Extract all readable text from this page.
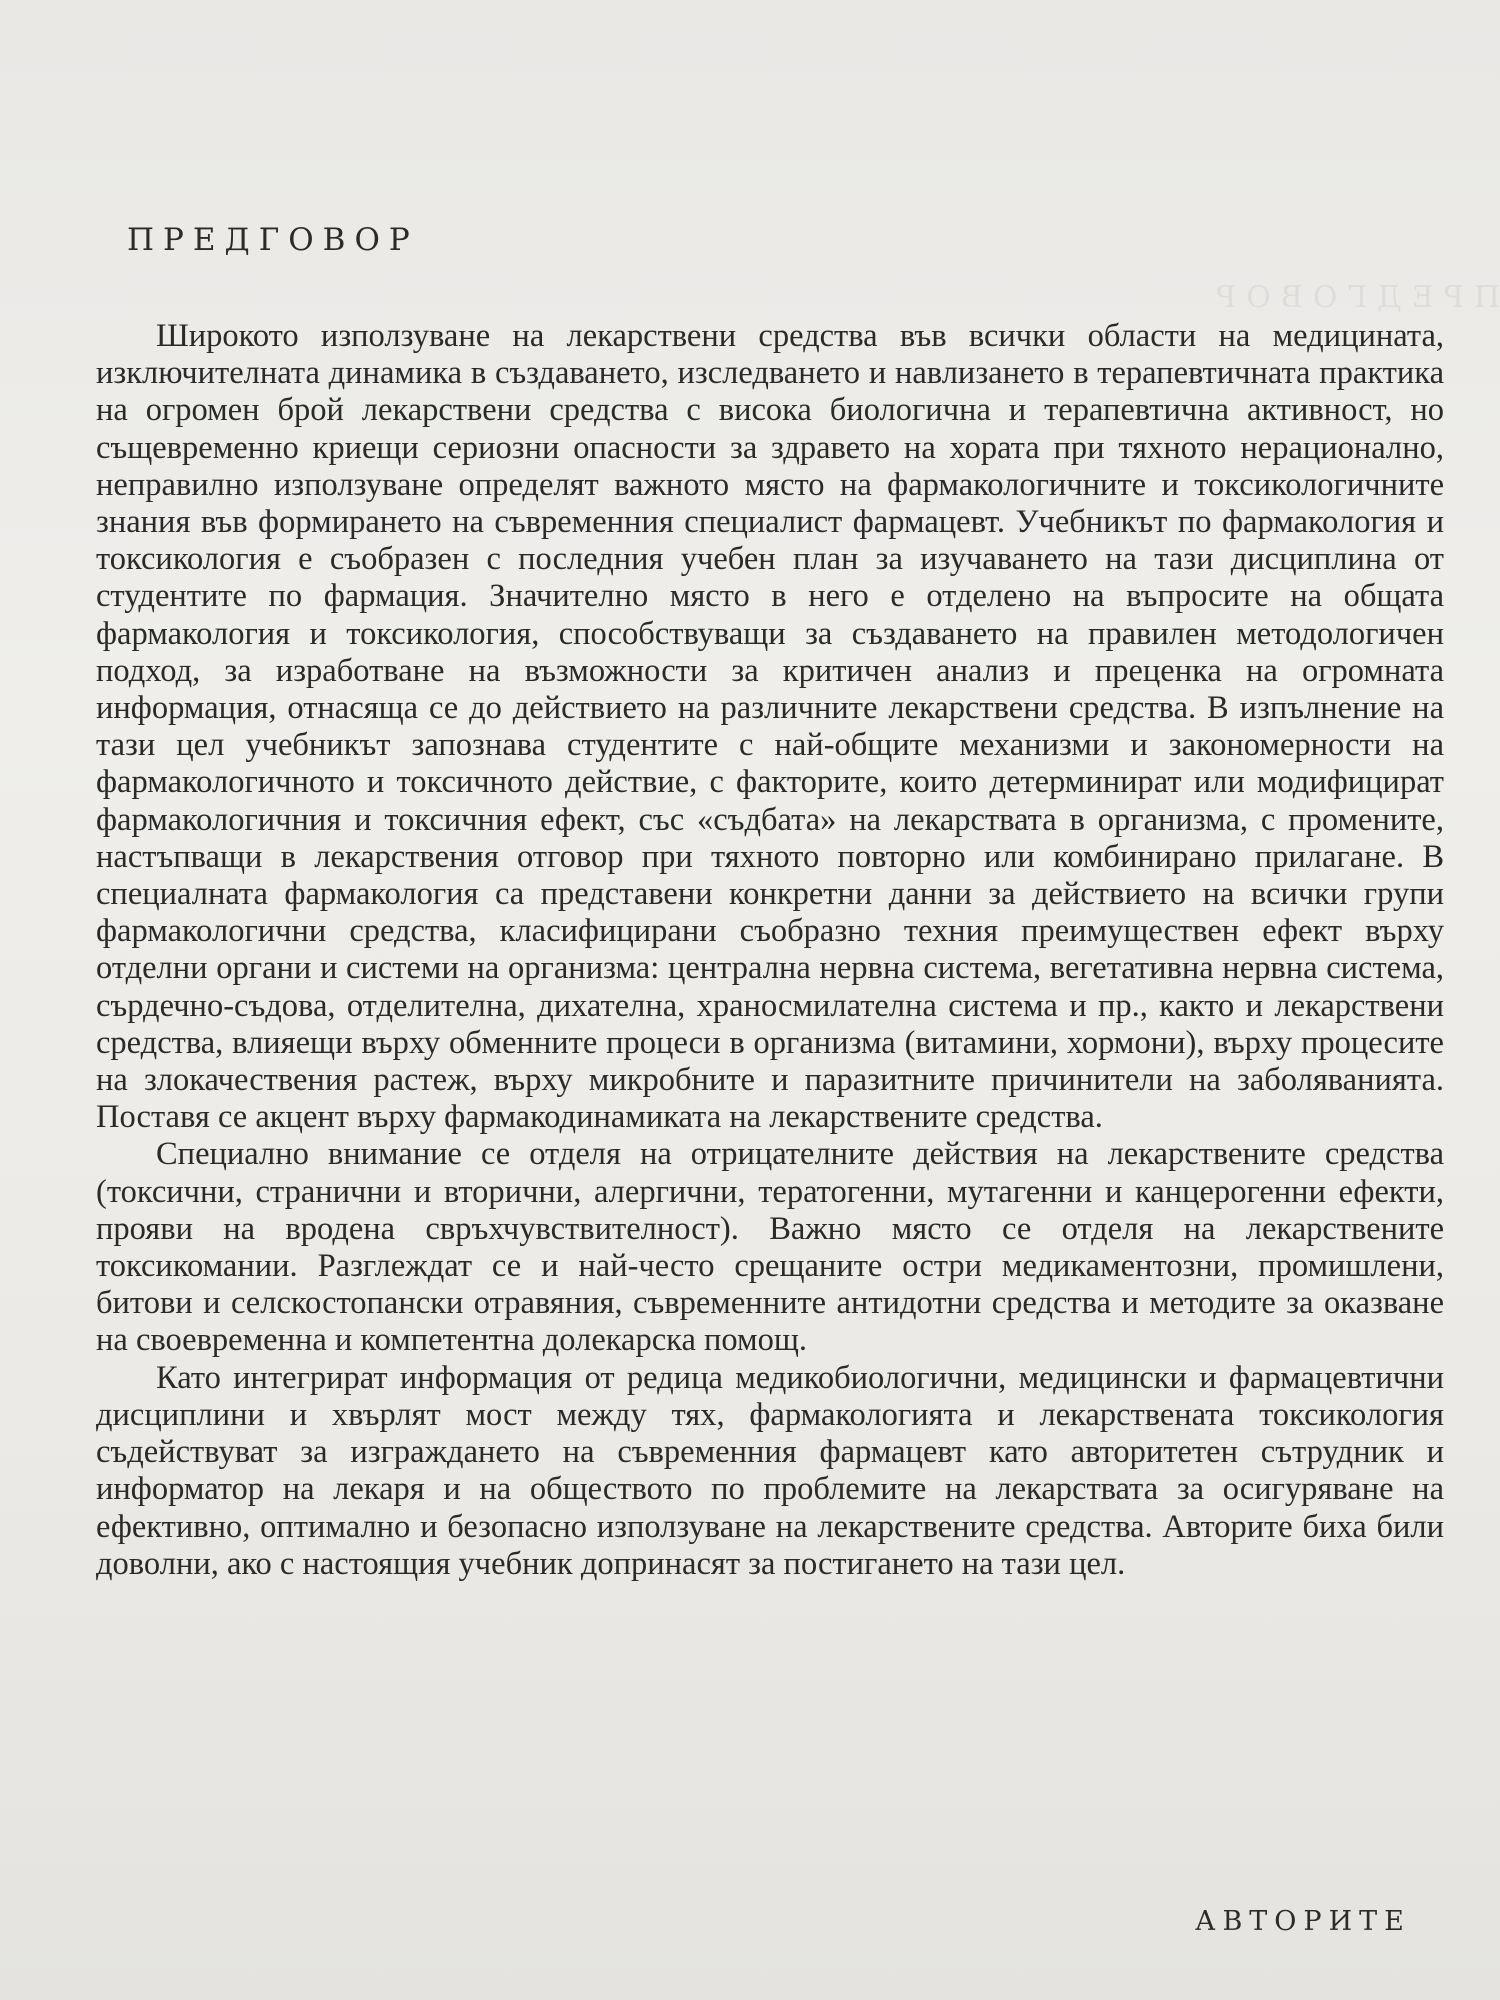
ПРЕДГОВОР
ПРЕДГОВОР

Широкото използуване на лекарствени средства във всички области на медицината, изключителната динамика в създаването, изследването и навлизането в терапевтичната практика на огромен брой лекарствени средства с висока биологична и терапевтична активност, но същевременно криещи сериозни опасности за здравето на хората при тяхното нерационално, неправилно използуване определят важното място на фармакологичните и токсикологичните знания във формирането на съвременния специалист фармацевт. Учебникът по фармакология и токсикология е съобразен с последния учебен план за изучаването на тази дисциплина от студентите по фармация. Значително място в него е отделено на въпросите на общата фармакология и токсикология, способствуващи за създаването на правилен методологичен подход, за изработване на възможности за критичен анализ и преценка на огромната информация, отнасяща се до действието на различните лекарствени средства. В изпълнение на тази цел учебникът запознава студентите с най-общите механизми и закономерности на фармакологичното и токсичното действие, с факторите, които детерминират или модифицират фармакологичния и токсичния ефект, със «съдбата» на лекарствата в организма, с промените, настъпващи в лекарствения отговор при тяхното повторно или комбинирано прилагане. В специалната фармакология са представени конкретни данни за действието на всички групи фармакологични средства, класифицирани съобразно техния преимуществен ефект върху отделни органи и системи на организма: централна нервна система, вегетативна нервна система, сърдечно-съдова, отделителна, дихателна, храносмилателна система и пр., както и лекарствени средства, влияещи върху обменните процеси в организма (витамини, хормони), върху процесите на злокачествения растеж, върху микробните и паразитните причинители на заболяванията. Поставя се акцент върху фармакодинамиката на лекарствените средства.

Специално внимание се отделя на отрицателните действия на лекарствените средства (токсични, странични и вторични, алергични, тератогенни, мутагенни и канцерогенни ефекти, прояви на вродена свръхчувствителност). Важно място се отделя на лекарствените токсикомании. Разглеждат се и най-често срещаните остри медикаментозни, промишлени, битови и селскостопански отравяния, съвременните антидотни средства и методите за оказване на своевременна и компетентна долекарска помощ.

Като интегрират информация от редица медикобиологични, медицински и фармацевтични дисциплини и хвърлят мост между тях, фармакологията и лекарствената токсикология съдействуват за изграждането на съвременния фармацевт като авторитетен сътрудник и информатор на лекаря и на обществото по проблемите на лекарствата за осигуряване на ефективно, оптимално и безопасно използуване на лекарствените средства. Авторите биха били доволни, ако с настоящия учебник допринасят за постигането на тази цел.

АВТОРИТЕ
